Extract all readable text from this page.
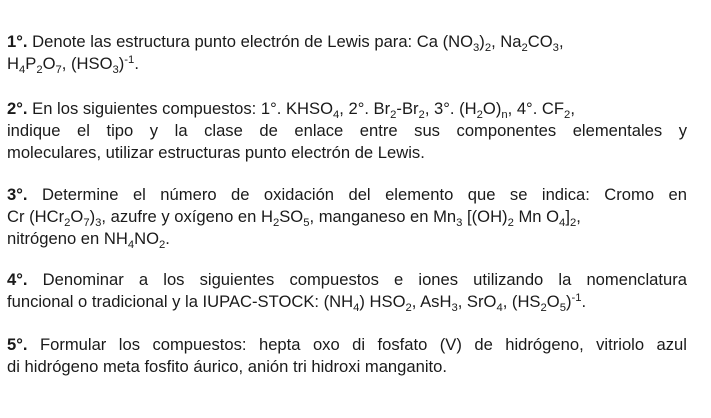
1°. Denote las estructura punto electrón de Lewis para: Ca $(NO_3)_2$, $Na_2CO_3$,
$H_4P_2O_7$, $(HSO_3)^{-1}$.

2°. En los siguientes compuestos: 1°. $KHSO_4$, 2°. $Br_2-Br_2$, 3°. $(H_2O)_n$, 4°. $CF_2$,
indique el tipo y la clase de enlace entre sus componentes elementales y
moleculares, utilizar estructuras punto electrón de Lewis.

3°. Determine el número de oxidación del elemento que se indica: Cromo en
Cr $(HCr_2O_7)_3$, azufre y oxígeno en $H_2SO_5$, manganeso en $Mn_3$ [$(OH)_2$ Mn $O_4]_2$,
nitrógeno en $NH_4NO_2$.

4°. Denominar a los siguientes compuestos e iones utilizando la nomenclatura
funcional o tradicional y la IUPAC-STOCK: $(NH_4)$ $HSO_2$, AsH$_3$, SrO$_4$, $(HS_2O_5)^{-1}$.

5°. Formular los compuestos: hepta oxo di fosfato (V) de hidrógeno, vitriolo azul
di hidrógeno meta fosfito áurico, anión tri hidroxi manganito.
